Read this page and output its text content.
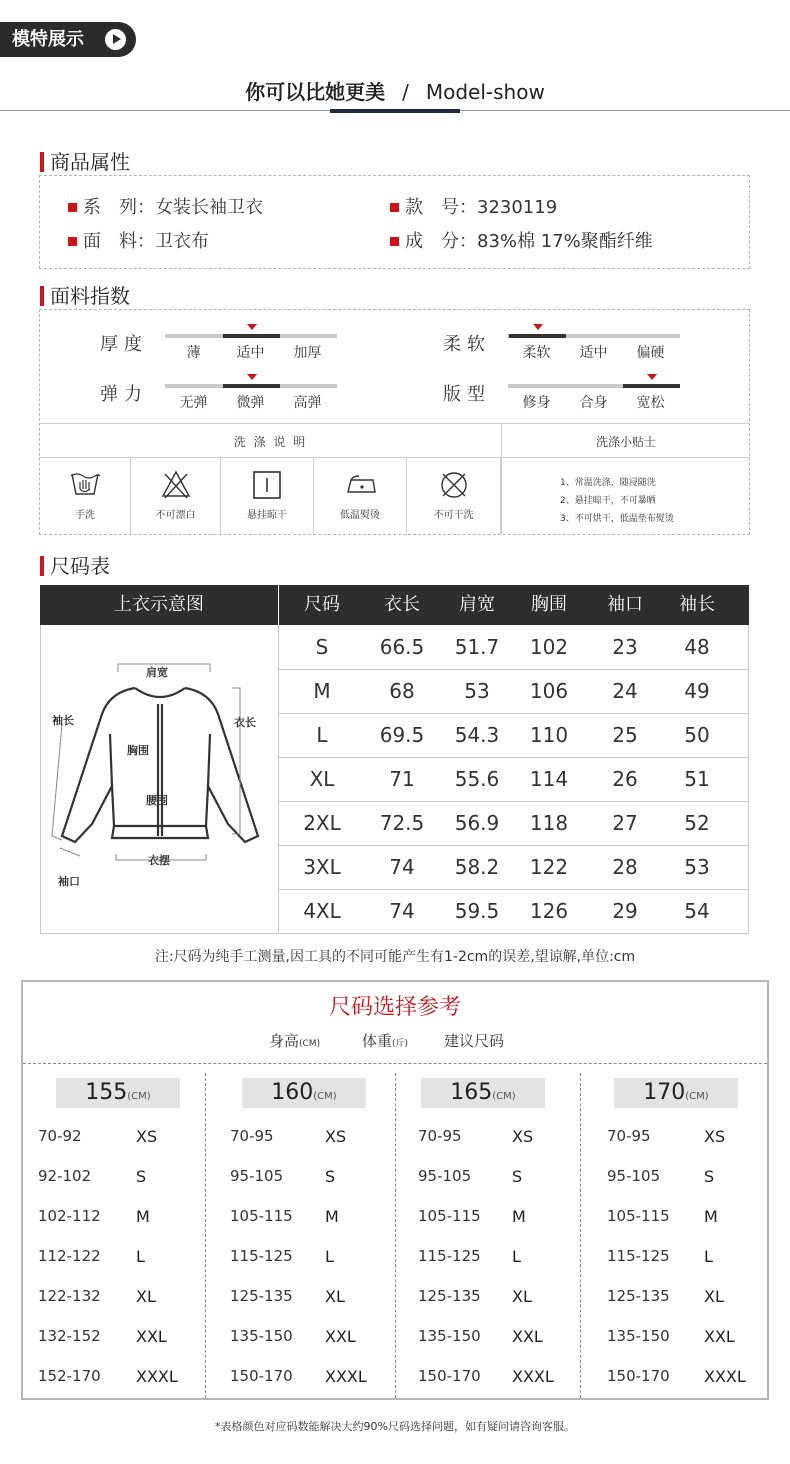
模特展示
你可以比她更美 / Model-show
商品属性
系　列：女装长袖卫衣	款　号：3230119
面　料：卫衣布	成　分：83%棉 17%聚酯纤维
面料指数
厚度	薄	适中	加厚	柔软	柔软	适中	偏硬
弹力	无弹	微弹	高弹	版型	修身	合身	宽松
洗 涤 说 明	洗涤小贴士
手洗	不可漂白	悬挂晾干	低温熨烫	不可干洗
1、常温洗涤，随浸随洗
2、悬挂晾干，不可暴晒
3、不可烘干，低温垫布熨烫
尺码表
上衣示意图	尺码	衣长	肩宽	胸围	袖口	袖长
肩宽
袖长	衣长
胸围
腰围
衣摆
袖口
S	66.5	51.7	102	23	48
M	68	53	106	24	49
L	69.5	54.3	110	25	50
XL	71	55.6	114	26	51
2XL	72.5	56.9	118	27	52
3XL	74	58.2	122	28	53
4XL	74	59.5	126	29	54
注:尺码为纯手工测量,因工具的不同可能产生有1-2cm的误差,望谅解,单位:cm
尺码选择参考
身高(CM)	体重(斤) 建议尺码
155(CM)
70-92	XS
92-102	S
102-112 M
112-122 L
122-132 XL
132-152 XXL
152-170 XXXL
160(CM)
70-95	XS
95-105	S
105-115 M
115-125 L
125-135 XL
135-150 XXL
150-170 XXXL
165(CM)
70-95	XS
95-105	S
105-115 M
115-125 L
125-135 XL
135-150 XXL
150-170 XXXL
170(CM)
70-95	XS
95-105	S
105-115 M
115-125 L
125-135 XL
135-150 XXL
150-170 XXXL
*表格颜色对应码数能解决大约90%尺码选择问题，如有疑问请咨询客服。
